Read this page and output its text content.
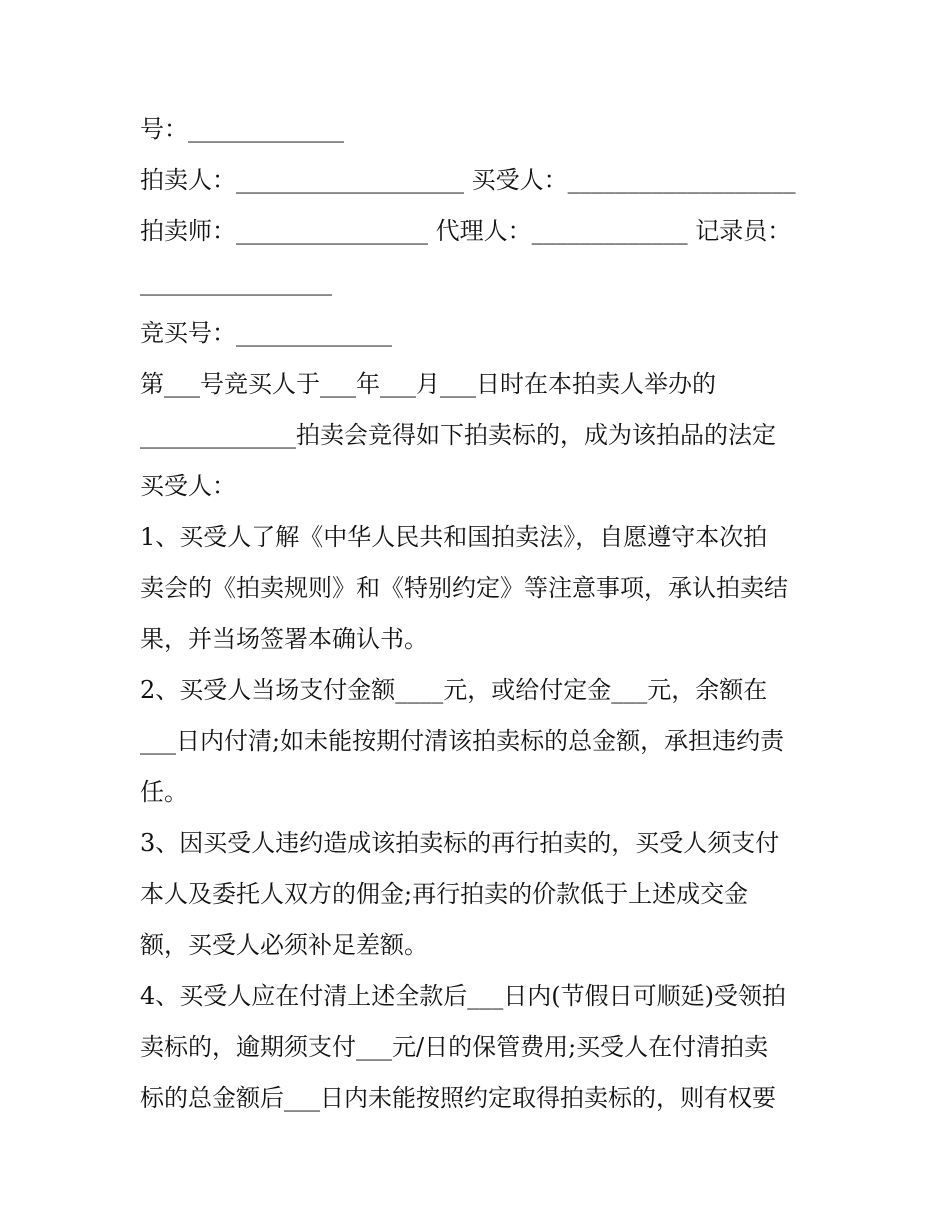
号：_____________
拍卖人：___________________ 买受人：___________________
拍卖师：________________ 代理人：_____________ 记录员：
________________
竞买号：_____________
第___号竞买人于___年___月___日时在本拍卖人举办的
_____________拍卖会竞得如下拍卖标的，成为该拍品的法定
买受人：
1、买受人了解《中华人民共和国拍卖法》，自愿遵守本次拍
卖会的《拍卖规则》和《特别约定》等注意事项，承认拍卖结
果，并当场签署本确认书。
2、买受人当场支付金额____元，或给付定金___元，余额在
___日内付清;如未能按期付清该拍卖标的总金额，承担违约责
任。
3、因买受人违约造成该拍卖标的再行拍卖的，买受人须支付
本人及委托人双方的佣金;再行拍卖的价款低于上述成交金
额，买受人必须补足差额。
4、买受人应在付清上述全款后___日内(节假日可顺延)受领拍
卖标的，逾期须支付___元/日的保管费用;买受人在付清拍卖
标的总金额后___日内未能按照约定取得拍卖标的，则有权要
